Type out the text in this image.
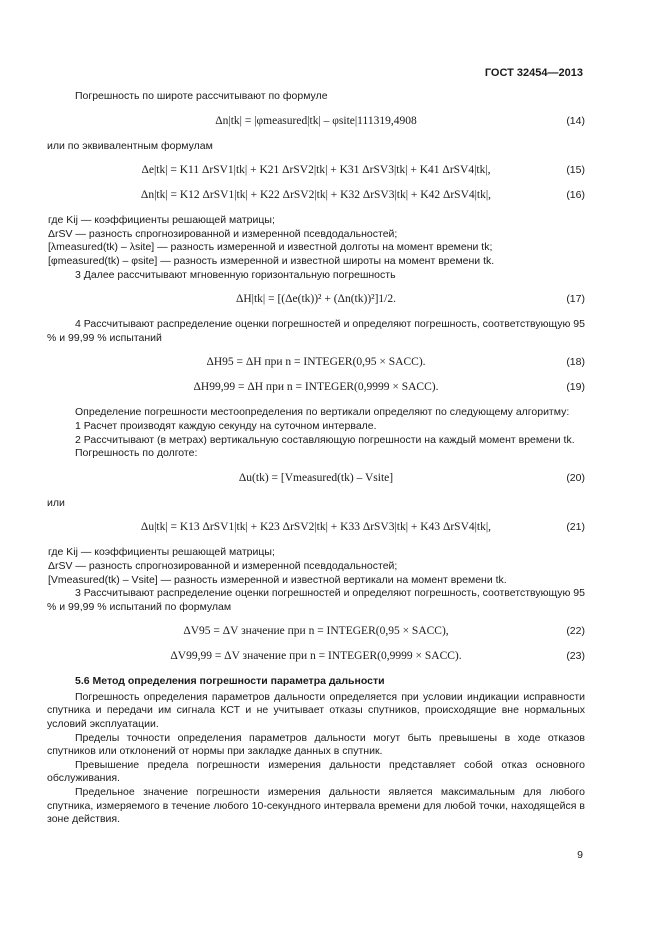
ГОСТ 32454—2013

Погрешность по широте рассчитывают по формуле

Δn|tk| = |φmeasured|tk| – φsite|111319,4908	(14)

или по эквивалентным формулам

Δe|tk| = K11 ΔrSV1|tk| + K21 ΔrSV2|tk| + K31 ΔrSV3|tk| + K41 ΔrSV4|tk|,	(15)
Δn|tk| = K12 ΔrSV1|tk| + K22 ΔrSV2|tk| + K32 ΔrSV3|tk| + K42 ΔrSV4|tk|,	(16)

где Kij — коэффициенты решающей матрицы;

ΔrSV — разность спрогнозированной и измеренной псевдодальностей;

[λmeasured(tk) – λsite] — разность измеренной и известной долготы на момент времени tk;

[φmeasured(tk) – φsite] — разность измеренной и известной широты на момент времени tk.

3 Далее рассчитывают мгновенную горизонтальную погрешность

ΔH|tk| = [(Δe(tk))² + (Δn(tk))²]1/2.	(17)

4 Рассчитывают распределение оценки погрешностей и определяют погрешность, соответствующую 95 % и 99,99 % испытаний

ΔH95 = ΔH при n = INTEGER(0,95 × SACC).	(18)
ΔH99,99 = ΔH при n = INTEGER(0,9999 × SACC).	(19)

Определение погрешности местоопределения по вертикали определяют по следующему алгоритму:

1 Расчет производят каждую секунду на суточном интервале.

2 Рассчитывают (в метрах) вертикальную составляющую погрешности на каждый момент времени tk.

Погрешность по долготе:

Δu(tk) = [Vmeasured(tk) – Vsite]	(20)

или

Δu|tk| = K13 ΔrSV1|tk| + K23 ΔrSV2|tk| + K33 ΔrSV3|tk| + K43 ΔrSV4|tk|,	(21)

где Kij — коэффициенты решающей матрицы;

ΔrSV — разность спрогнозированной и измеренной псевдодальностей;

[Vmeasured(tk) – Vsite] — разность измеренной и известной вертикали на момент времени tk.

3 Рассчитывают распределение оценки погрешностей и определяют погрешность, соответствующую 95 % и 99,99 % испытаний по формулам

ΔV95 = ΔV значение при n = INTEGER(0,95 × SACC),	(22)
ΔV99,99 = ΔV значение при n = INTEGER(0,9999 × SACC).	(23)

5.6 Метод определения погрешности параметра дальности

Погрешность определения параметров дальности определяется при условии индикации исправности спутника и передачи им сигнала КСТ и не учитывает отказы спутников, происходящие вне нормальных условий эксплуатации.

Пределы точности определения параметров дальности могут быть превышены в ходе отказов спутников или отклонений от нормы при закладке данных в спутник.

Превышение предела погрешности измерения дальности представляет собой отказ основного обслуживания.

Предельное значение погрешности измерения дальности является максимальным для любого спутника, измеряемого в течение любого 10-секундного интервала времени для любой точки, находящейся в зоне действия.

9
